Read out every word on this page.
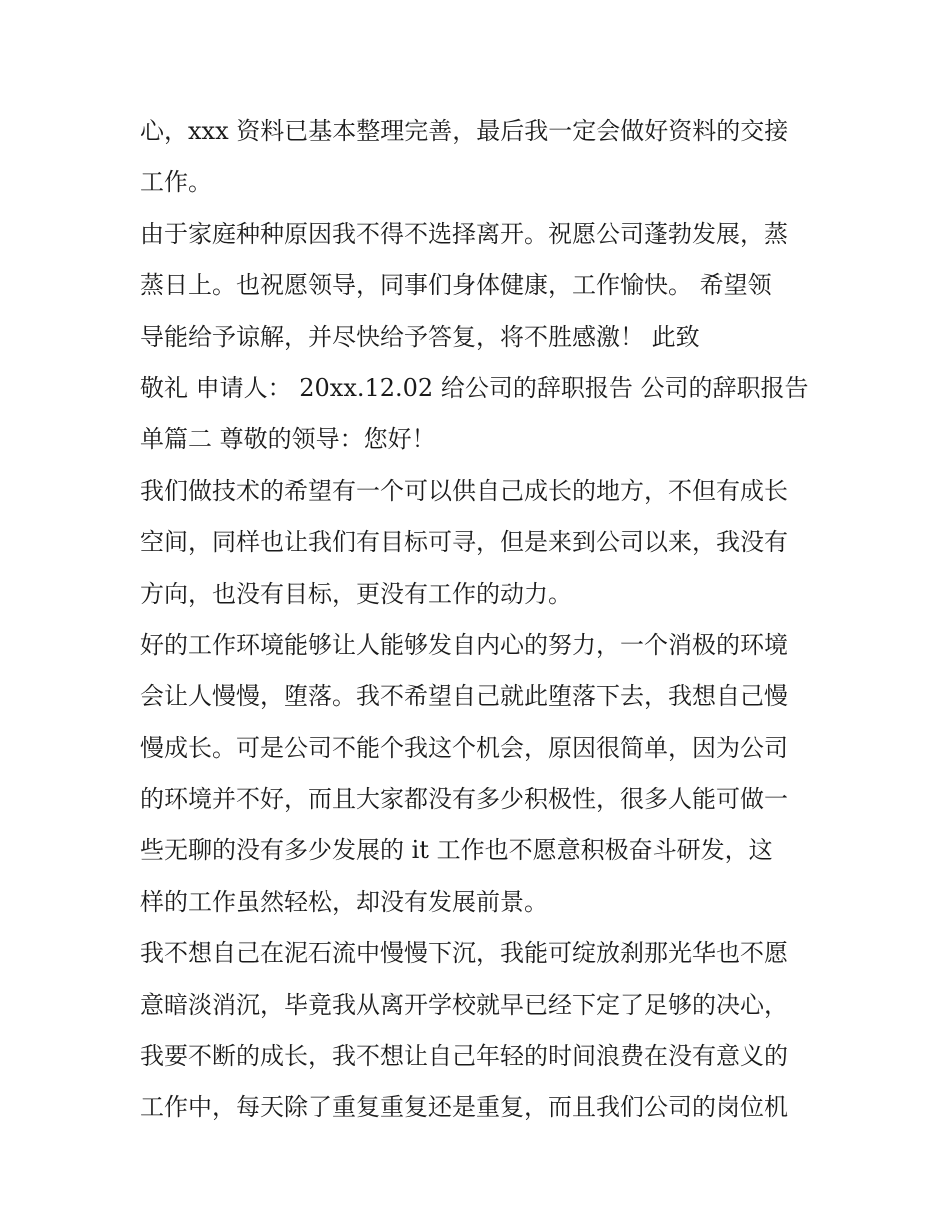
心，xxx 资料已基本整理完善，最后我一定会做好资料的交接
工作。
由于家庭种种原因我不得不选择离开。祝愿公司蓬勃发展，蒸
蒸日上。也祝愿领导，同事们身体健康，工作愉快。 希望领
导能给予谅解，并尽快给予答复，将不胜感激！ 此致
敬礼 申请人： 20xx.12.02 给公司的辞职报告 公司的辞职报告
单篇二 尊敬的领导：您好！
我们做技术的希望有一个可以供自己成长的地方，不但有成长
空间，同样也让我们有目标可寻，但是来到公司以来，我没有
方向，也没有目标，更没有工作的动力。
好的工作环境能够让人能够发自内心的努力，一个消极的环境
会让人慢慢，堕落。我不希望自己就此堕落下去，我想自己慢
慢成长。可是公司不能个我这个机会，原因很简单，因为公司
的环境并不好，而且大家都没有多少积极性，很多人能可做一
些无聊的没有多少发展的 it 工作也不愿意积极奋斗研发，这
样的工作虽然轻松，却没有发展前景。
我不想自己在泥石流中慢慢下沉，我能可绽放刹那光华也不愿
意暗淡消沉，毕竟我从离开学校就早已经下定了足够的决心，
我要不断的成长，我不想让自己年轻的时间浪费在没有意义的
工作中，每天除了重复重复还是重复，而且我们公司的岗位机
